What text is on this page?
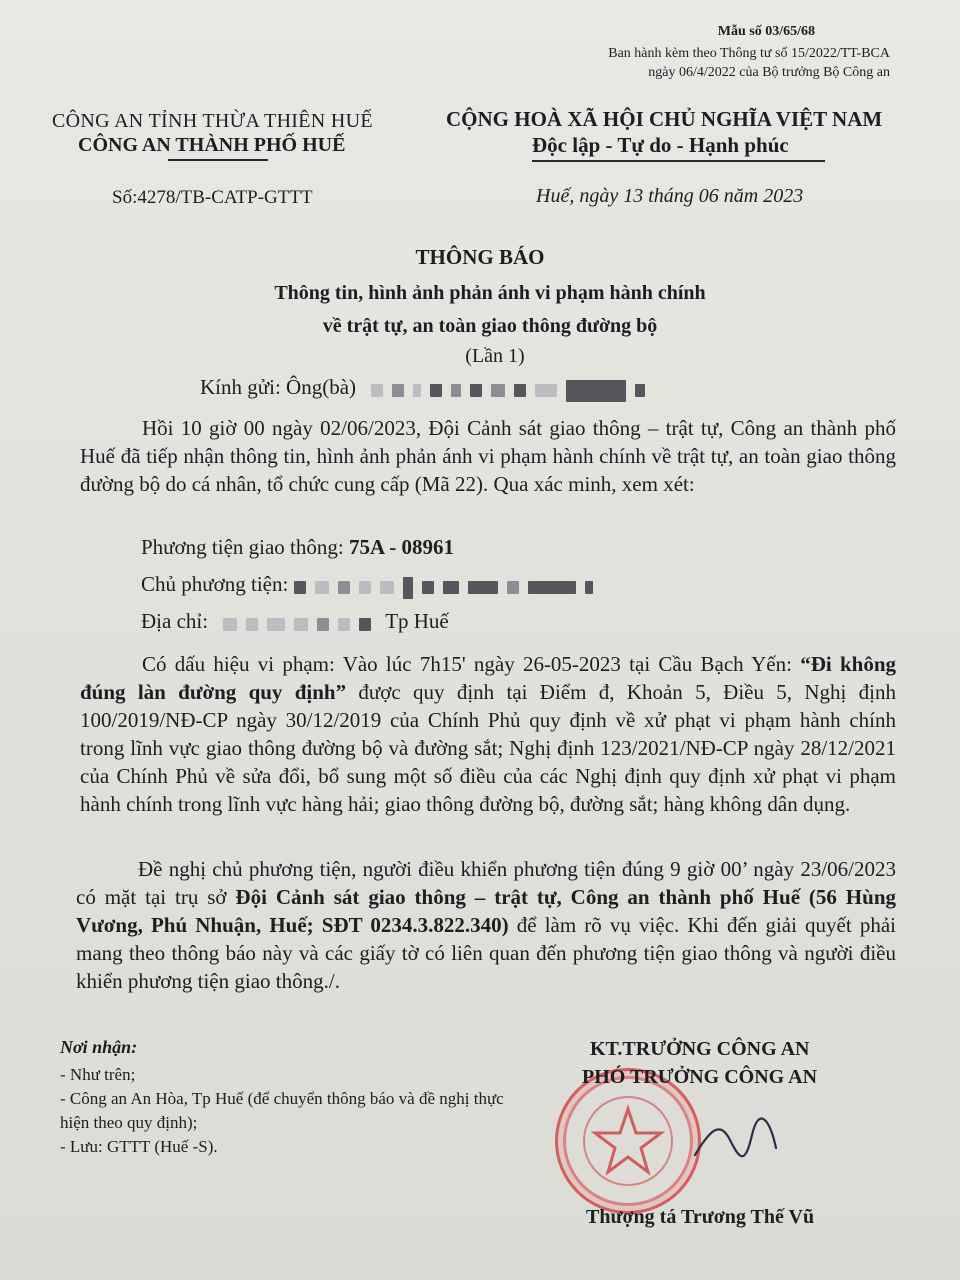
Mẫu số 03/65/68
Ban hành kèm theo Thông tư số 15/2022/TT-BCA
ngày 06/4/2022 của Bộ trưởng Bộ Công an
CÔNG AN TỈNH THỪA THIÊN HUẾ
CÔNG AN THÀNH PHỐ HUẾ
Số:4278/TB-CATP-GTTT
CỘNG HOÀ XÃ HỘI CHỦ NGHĨA VIỆT NAM
Độc lập - Tự do - Hạnh phúc
Huế, ngày 13 tháng 06 năm 2023
THÔNG BÁO
Thông tin, hình ảnh phản ánh vi phạm hành chính
về trật tự, an toàn giao thông đường bộ
(Lần 1)
Kính gửi: Ông(bà)
Hồi 10 giờ 00 ngày 02/06/2023, Đội Cảnh sát giao thông – trật tự, Công an thành phố Huế đã tiếp nhận thông tin, hình ảnh phản ánh vi phạm hành chính về trật tự, an toàn giao thông đường bộ do cá nhân, tổ chức cung cấp (Mã 22). Qua xác minh, xem xét:
Phương tiện giao thông: 75A - 08961
Chủ phương tiện:
Địa chỉ:	Tp Huế
Có dấu hiệu vi phạm: Vào lúc 7h15' ngày 26-05-2023 tại Cầu Bạch Yến: “Đi không đúng làn đường quy định” được quy định tại Điểm đ, Khoản 5, Điều 5, Nghị định 100/2019/NĐ-CP ngày 30/12/2019 của Chính Phủ quy định về xử phạt vi phạm hành chính trong lĩnh vực giao thông đường bộ và đường sắt; Nghị định 123/2021/NĐ-CP ngày 28/12/2021 của Chính Phủ về sửa đổi, bổ sung một số điều của các Nghị định quy định xử phạt vi phạm hành chính trong lĩnh vực hàng hải; giao thông đường bộ, đường sắt; hàng không dân dụng.
Đề nghị chủ phương tiện, người điều khiển phương tiện đúng 9 giờ 00’ ngày 23/06/2023 có mặt tại trụ sở Đội Cảnh sát giao thông – trật tự, Công an thành phố Huế (56 Hùng Vương, Phú Nhuận, Huế; SĐT 0234.3.822.340) để làm rõ vụ việc. Khi đến giải quyết phải mang theo thông báo này và các giấy tờ có liên quan đến phương tiện giao thông và người điều khiển phương tiện giao thông./.
Nơi nhận:
- Như trên;
- Công an An Hòa, Tp Huế (để chuyển thông báo và đề nghị thực hiện theo quy định);
- Lưu: GTTT (Huế -S).
KT.TRƯỞNG CÔNG AN
PHÓ TRƯỞNG CÔNG AN
Thượng tá Trương Thế Vũ
